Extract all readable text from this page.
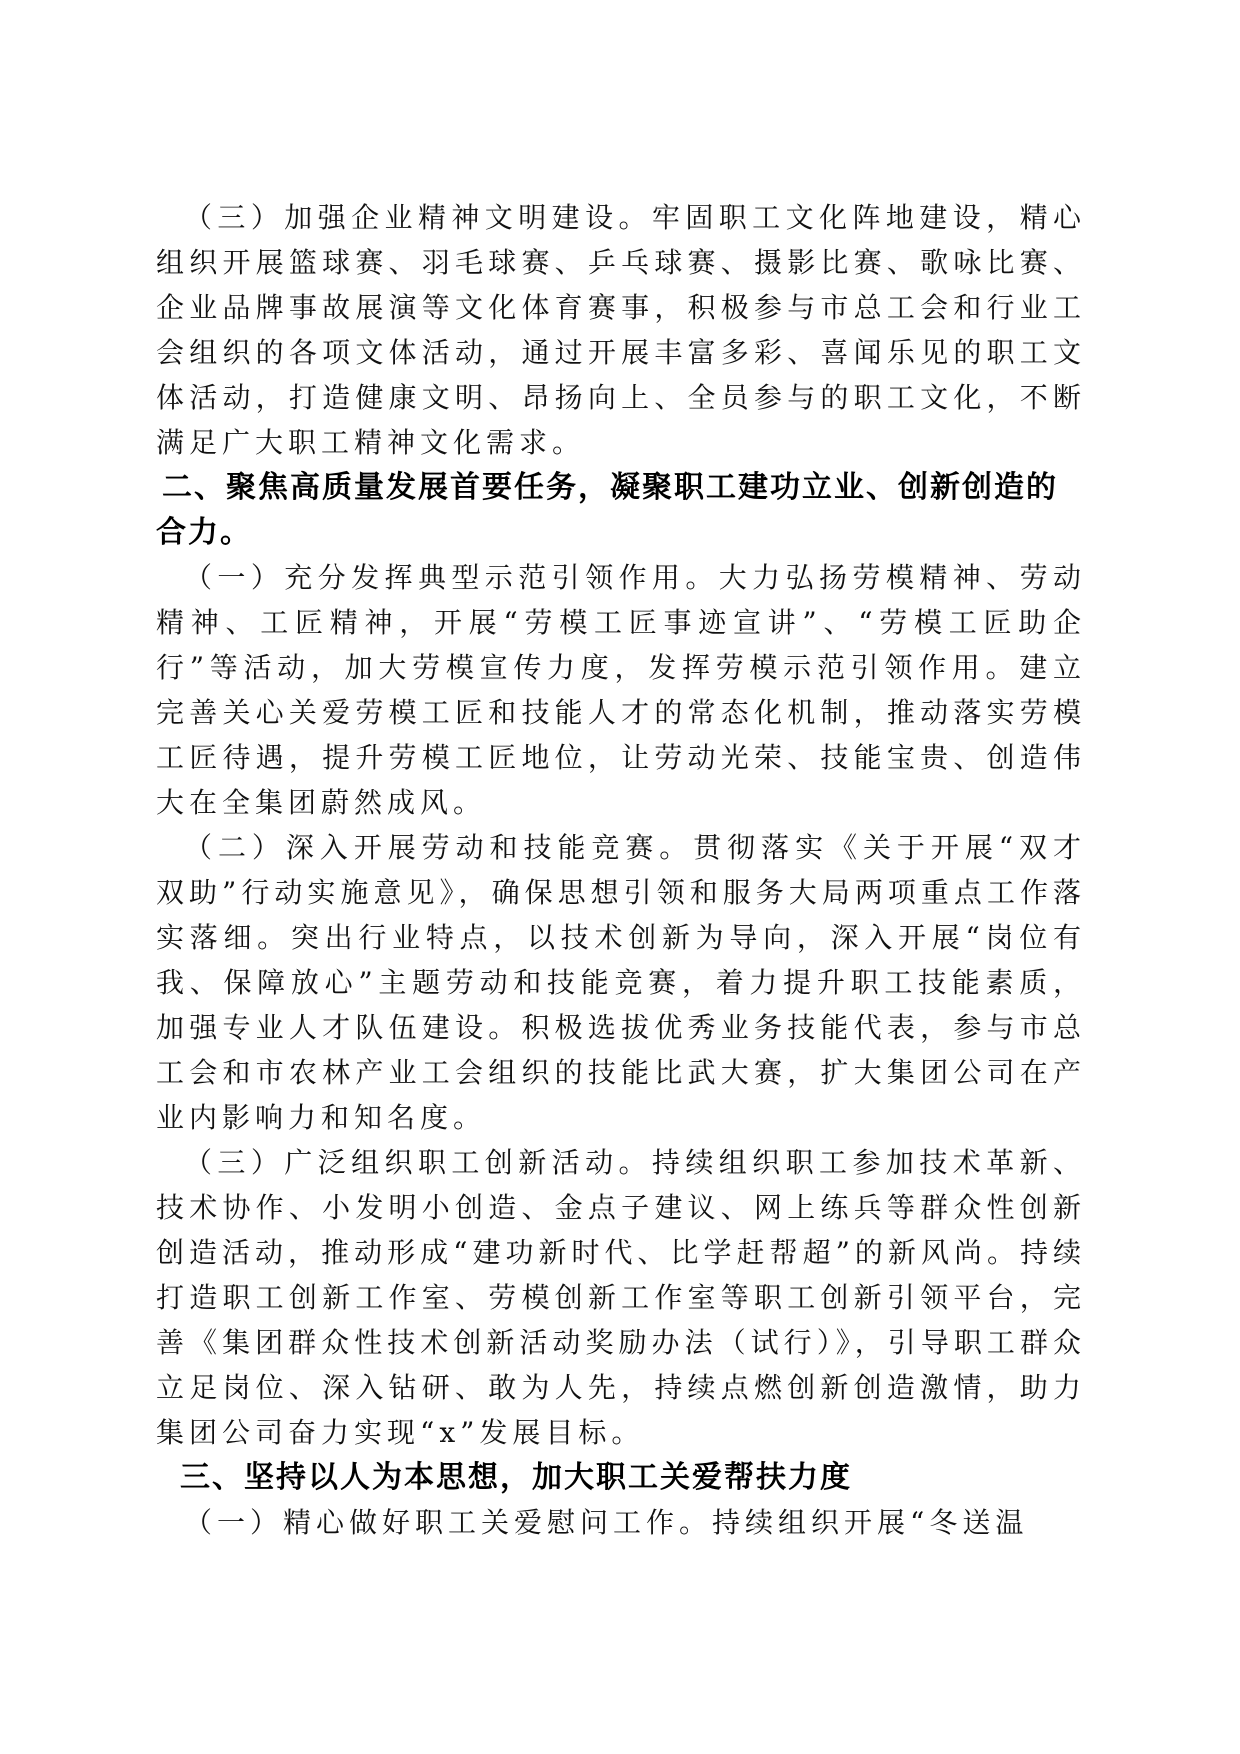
（三）加强企业精神文明建设。牢固职工文化阵地建设，精心组织开展篮球赛、羽毛球赛、乒乓球赛、摄影比赛、歌咏比赛、企业品牌事故展演等文化体育赛事，积极参与市总工会和行业工会组织的各项文体活动，通过开展丰富多彩、喜闻乐见的职工文体活动，打造健康文明、昂扬向上、全员参与的职工文化，不断满足广大职工精神文化需求。

二、聚焦高质量发展首要任务，凝聚职工建功立业、创新创造的合力。

（一）充分发挥典型示范引领作用。大力弘扬劳模精神、劳动精神、工匠精神，开展“劳模工匠事迹宣讲”、“劳模工匠助企行”等活动，加大劳模宣传力度，发挥劳模示范引领作用。建立完善关心关爱劳模工匠和技能人才的常态化机制，推动落实劳模工匠待遇，提升劳模工匠地位，让劳动光荣、技能宝贵、创造伟大在全集团蔚然成风。

（二）深入开展劳动和技能竞赛。贯彻落实《关于开展“双才双助”行动实施意见》，确保思想引领和服务大局两项重点工作落实落细。突出行业特点，以技术创新为导向，深入开展“岗位有我、保障放心”主题劳动和技能竞赛，着力提升职工技能素质，加强专业人才队伍建设。积极选拔优秀业务技能代表，参与市总工会和市农林产业工会组织的技能比武大赛，扩大集团公司在产业内影响力和知名度。

（三）广泛组织职工创新活动。持续组织职工参加技术革新、技术协作、小发明小创造、金点子建议、网上练兵等群众性创新创造活动，推动形成“建功新时代、比学赶帮超”的新风尚。持续打造职工创新工作室、劳模创新工作室等职工创新引领平台，完善《集团群众性技术创新活动奖励办法（试行）》，引导职工群众立足岗位、深入钻研、敢为人先，持续点燃创新创造激情，助力集团公司奋力实现“x”发展目标。

三、坚持以人为本思想，加大职工关爱帮扶力度

（一）精心做好职工关爱慰问工作。持续组织开展“冬送温
